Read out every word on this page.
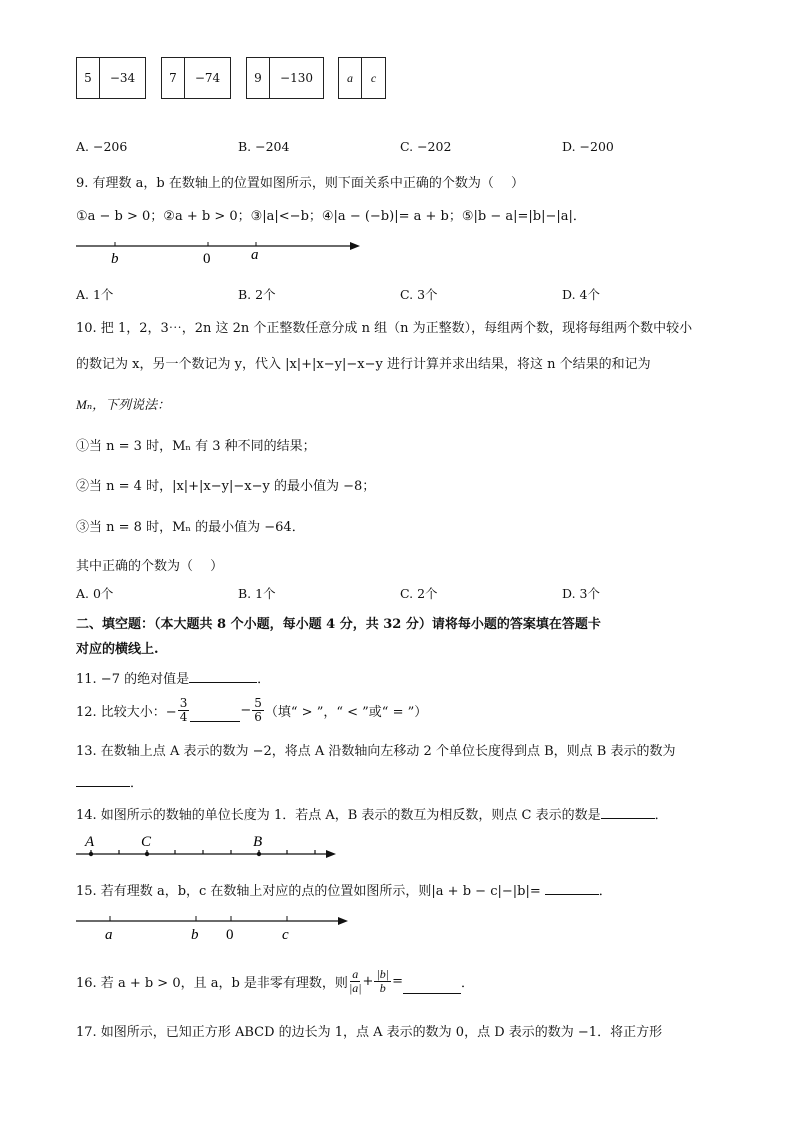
5	−34	7	−74	9	−130	a	c
A. −206	B. −204	C. −202	D. −200
9. 有理数 a，b 在数轴上的位置如图所示，则下面关系中正确的个数为（　 ）
①a − b > 0；②a + b > 0；③|a|<−b；④|a − (−b)|= a + b；⑤|b − a|=|b|−|a|．
b	0	a
A. 1个	B. 2个	C. 3个	D. 4个
10. 把 1，2，3⋯，2n 这 2n 个正整数任意分成 n 组（n 为正整数），每组两个数，现将每组两个数中较小
的数记为 x，另一个数记为 y，代入 |x|+|x−y|−x−y 进行计算并求出结果，将这 n 个结果的和记为
Mₙ，下列说法：
①当 n = 3 时，Mₙ 有 3 种不同的结果；
②当 n = 4 时，|x|+|x−y|−x−y 的最小值为 −8；
③当 n = 8 时，Mₙ 的最小值为 −64．
其中正确的个数为（　 ）
A. 0个	B. 1个	C. 2个	D. 3个
二、填空题：（本大题共 8 个小题，每小题 4 分，共 32 分）请将每小题的答案填在答题卡
对应的横线上.
11. −7 的绝对值是	．
12. 比较大小：− $\frac{3}{4}$	− $\frac{5}{6}$ （填“ > ”，“ < ”或“ = ”）
13. 在数轴上点 A 表示的数为 −2，将点 A 沿数轴向左移动 2 个单位长度得到点 B，则点 B 表示的数为
．
14. 如图所示的数轴的单位长度为 1．若点 A，B 表示的数互为相反数，则点 C 表示的数是	．
A	C	B
15. 若有理数 a，b，c 在数轴上对应的点的位置如图所示，则|a + b − c|−|b|=	．
a	b 0	c
16. 若 a + b > 0，且 a，b 是非零有理数，则 $\frac{a}{|a|} + \frac{|b|}{b}$ =	．
17. 如图所示，已知正方形 ABCD 的边长为 1，点 A 表示的数为 0，点 D 表示的数为 −1．将正方形
